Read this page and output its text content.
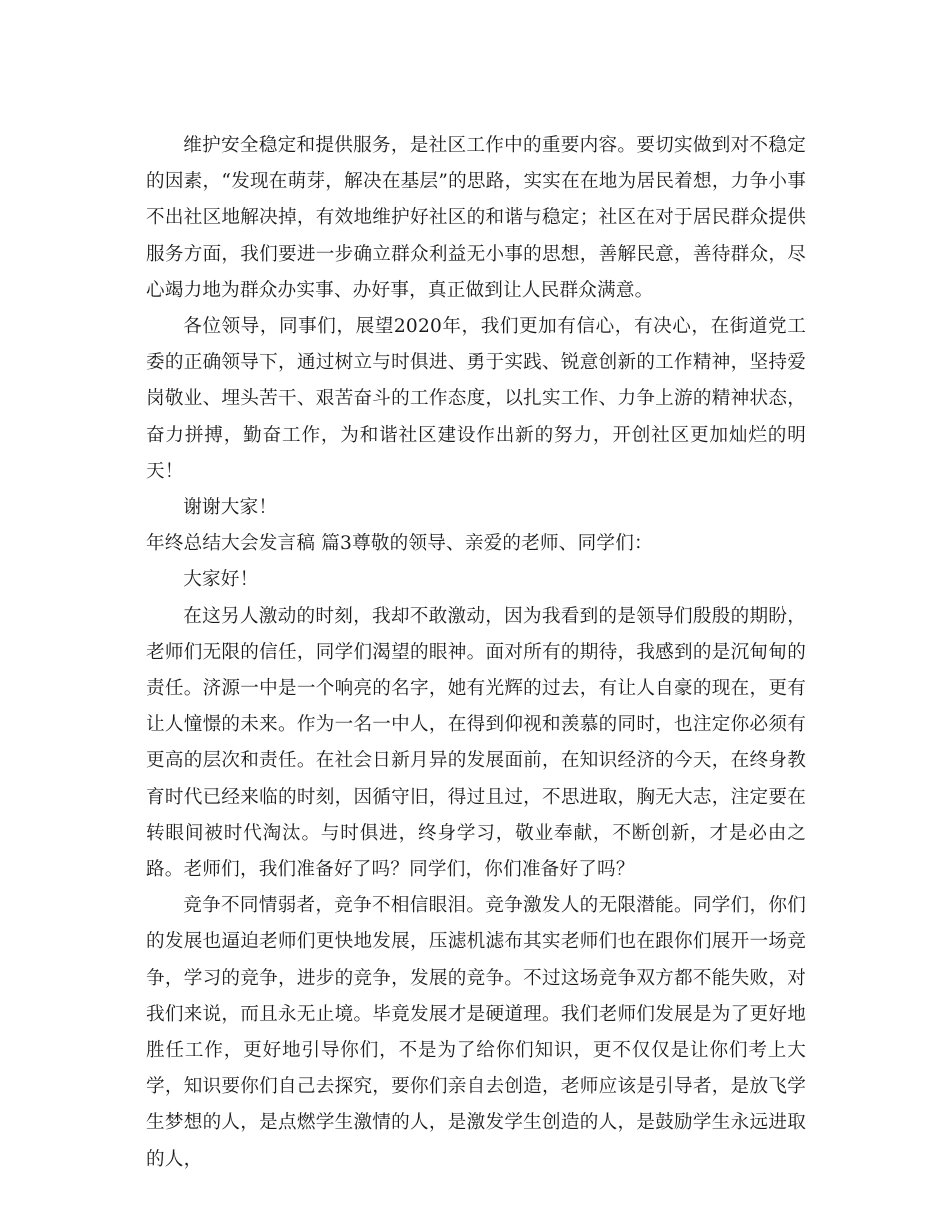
维护安全稳定和提供服务，是社区工作中的重要内容。要切实做到对不稳定的因素，“发现在萌芽，解决在基层”的思路，实实在在地为居民着想，力争小事不出社区地解决掉，有效地维护好社区的和谐与稳定；社区在对于居民群众提供服务方面，我们要进一步确立群众利益无小事的思想，善解民意，善待群众，尽心竭力地为群众办实事、办好事，真正做到让人民群众满意。

各位领导，同事们，展望2020年，我们更加有信心，有决心，在街道党工委的正确领导下，通过树立与时俱进、勇于实践、锐意创新的工作精神，坚持爱岗敬业、埋头苦干、艰苦奋斗的工作态度，以扎实工作、力争上游的精神状态，奋力拼搏，勤奋工作，为和谐社区建设作出新的努力，开创社区更加灿烂的明天！

谢谢大家！

年终总结大会发言稿 篇3尊敬的领导、亲爱的老师、同学们：

大家好！

在这另人激动的时刻，我却不敢激动，因为我看到的是领导们殷殷的期盼，老师们无限的信任，同学们渴望的眼神。面对所有的期待，我感到的是沉甸甸的责任。济源一中是一个响亮的名字，她有光辉的过去，有让人自豪的现在，更有让人憧憬的未来。作为一名一中人，在得到仰视和羡慕的同时，也注定你必须有更高的层次和责任。在社会日新月异的发展面前，在知识经济的今天，在终身教育时代已经来临的时刻，因循守旧，得过且过，不思进取，胸无大志，注定要在转眼间被时代淘汰。与时俱进，终身学习，敬业奉献，不断创新，才是必由之路。老师们，我们准备好了吗？同学们，你们准备好了吗？

竞争不同情弱者，竞争不相信眼泪。竞争激发人的无限潜能。同学们，你们的发展也逼迫老师们更快地发展，压滤机滤布其实老师们也在跟你们展开一场竞争，学习的竞争，进步的竞争，发展的竞争。不过这场竞争双方都不能失败，对我们来说，而且永无止境。毕竟发展才是硬道理。我们老师们发展是为了更好地胜任工作，更好地引导你们，不是为了给你们知识，更不仅仅是让你们考上大学，知识要你们自己去探究，要你们亲自去创造，老师应该是引导者，是放飞学生梦想的人，是点燃学生激情的人，是激发学生创造的人，是鼓励学生永远进取的人，
